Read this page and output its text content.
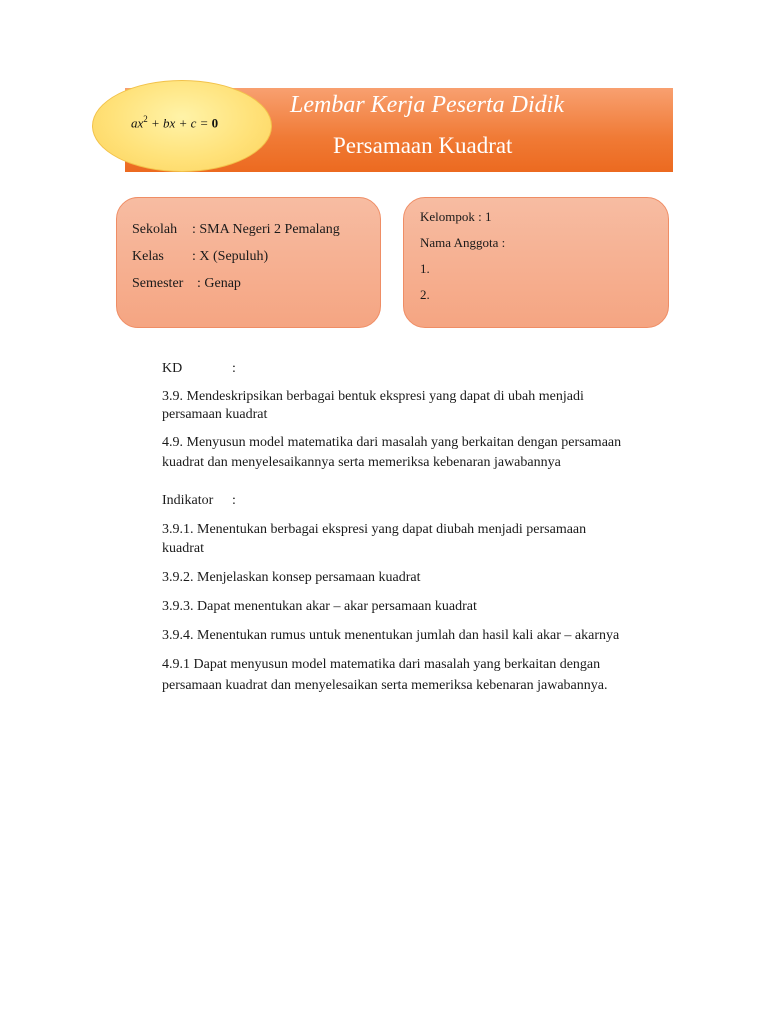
Lembar Kerja Peserta Didik
Persamaan Kuadrat
$ax^2$ + bx + c = 0
Sekolah : SMA Negeri 2 Pemalang
Kelas : X (Sepuluh)
Semester : Genap
Kelompok : 1
Nama Anggota :
1.
2.
KD	:
3.9. Mendeskripsikan berbagai bentuk ekspresi yang dapat di ubah menjadi
persamaan kuadrat
4.9. Menyusun model matematika dari masalah yang berkaitan dengan persamaan
kuadrat dan menyelesaikannya serta memeriksa kebenaran jawabannya
Indikator :
3.9.1. Menentukan berbagai ekspresi yang dapat diubah menjadi persamaan
kuadrat
3.9.2. Menjelaskan konsep persamaan kuadrat
3.9.3. Dapat menentukan akar – akar persamaan kuadrat
3.9.4. Menentukan rumus untuk menentukan jumlah dan hasil kali akar – akarnya
4.9.1 Dapat menyusun model matematika dari masalah yang berkaitan dengan
persamaan kuadrat dan menyelesaikan serta memeriksa kebenaran jawabannya.
